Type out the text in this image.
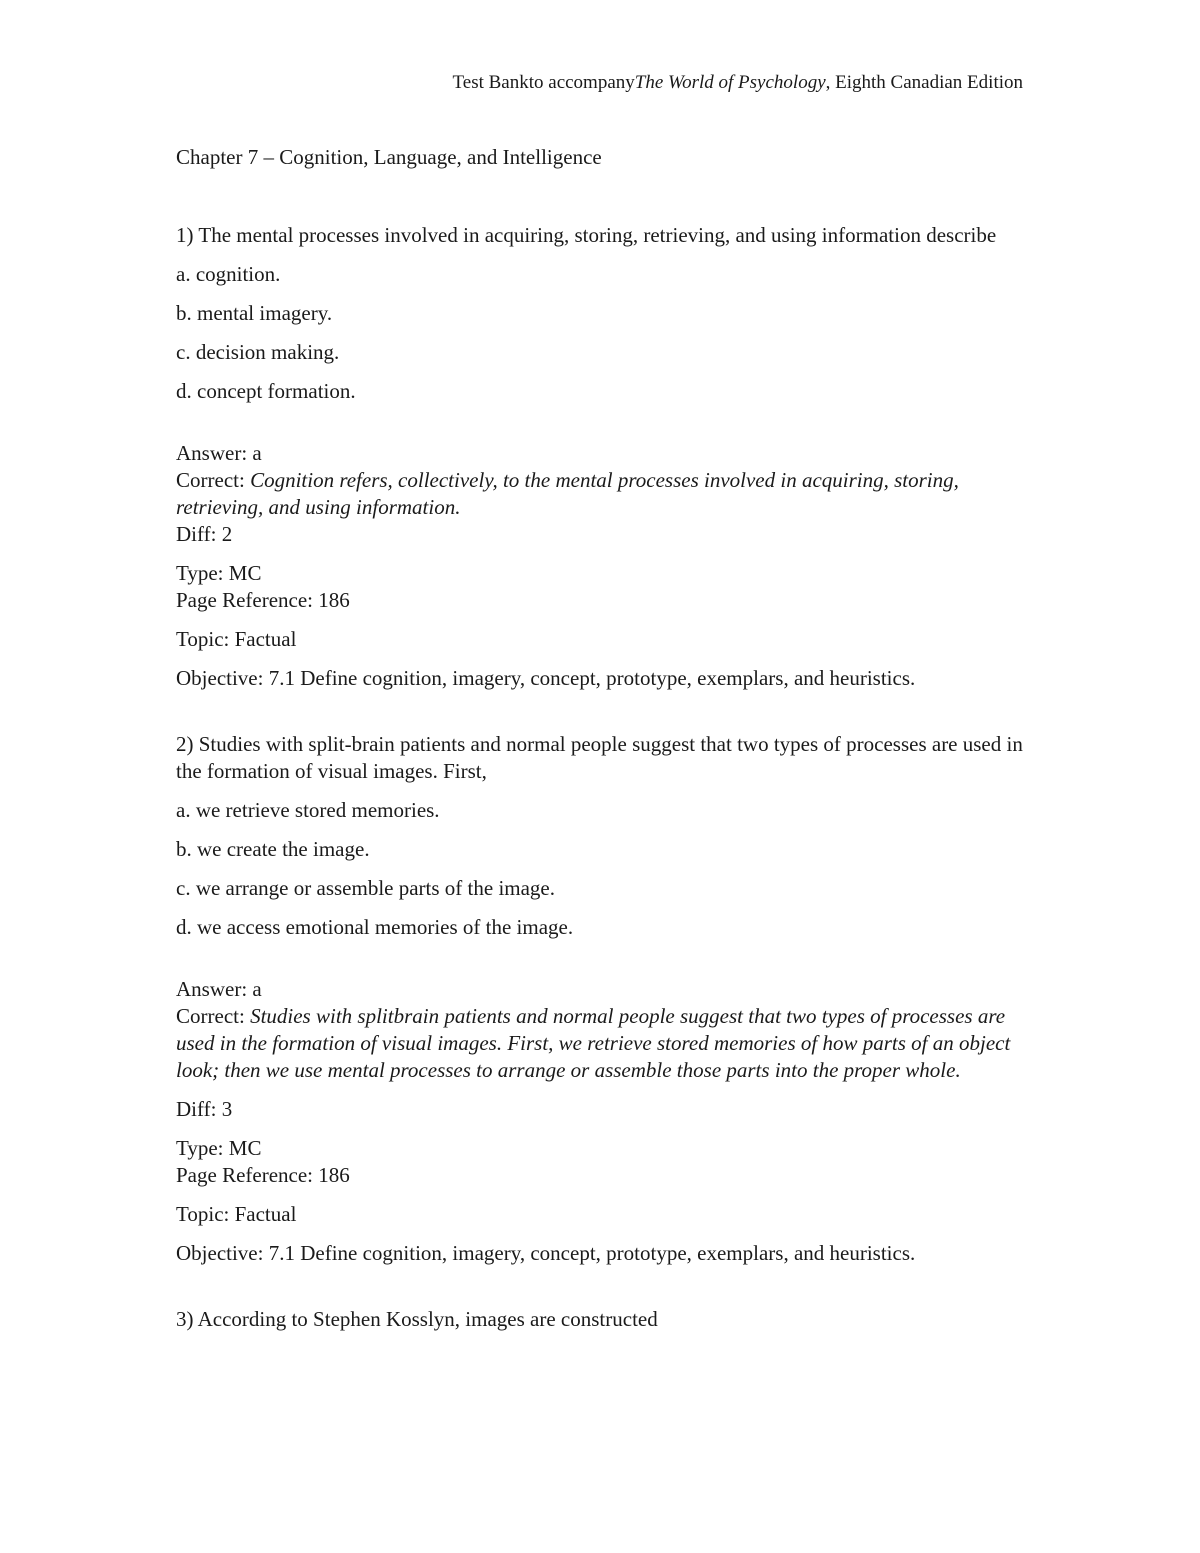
Test Bankto accompanyThe World of Psychology, Eighth Canadian Edition

Chapter 7 – Cognition, Language, and Intelligence

1) The mental processes involved in acquiring, storing, retrieving, and using information describe

a. cognition.

b. mental imagery.

c. decision making.

d. concept formation.

Answer: a

Correct: Cognition refers, collectively, to the mental processes involved in acquiring, storing, retrieving, and using information.

Diff: 2

Type: MC

Page Reference: 186

Topic: Factual

Objective: 7.1 Define cognition, imagery, concept, prototype, exemplars, and heuristics.

2) Studies with split-brain patients and normal people suggest that two types of processes are used in the formation of visual images. First,

a. we retrieve stored memories.

b. we create the image.

c. we arrange or assemble parts of the image.

d. we access emotional memories of the image.

Answer: a

Correct: Studies with splitbrain patients and normal people suggest that two types of processes are used in the formation of visual images. First, we retrieve stored memories of how parts of an object look; then we use mental processes to arrange or assemble those parts into the proper whole.

Diff: 3

Type: MC

Page Reference: 186

Topic: Factual

Objective: 7.1 Define cognition, imagery, concept, prototype, exemplars, and heuristics.

3) According to Stephen Kosslyn, images are constructed
